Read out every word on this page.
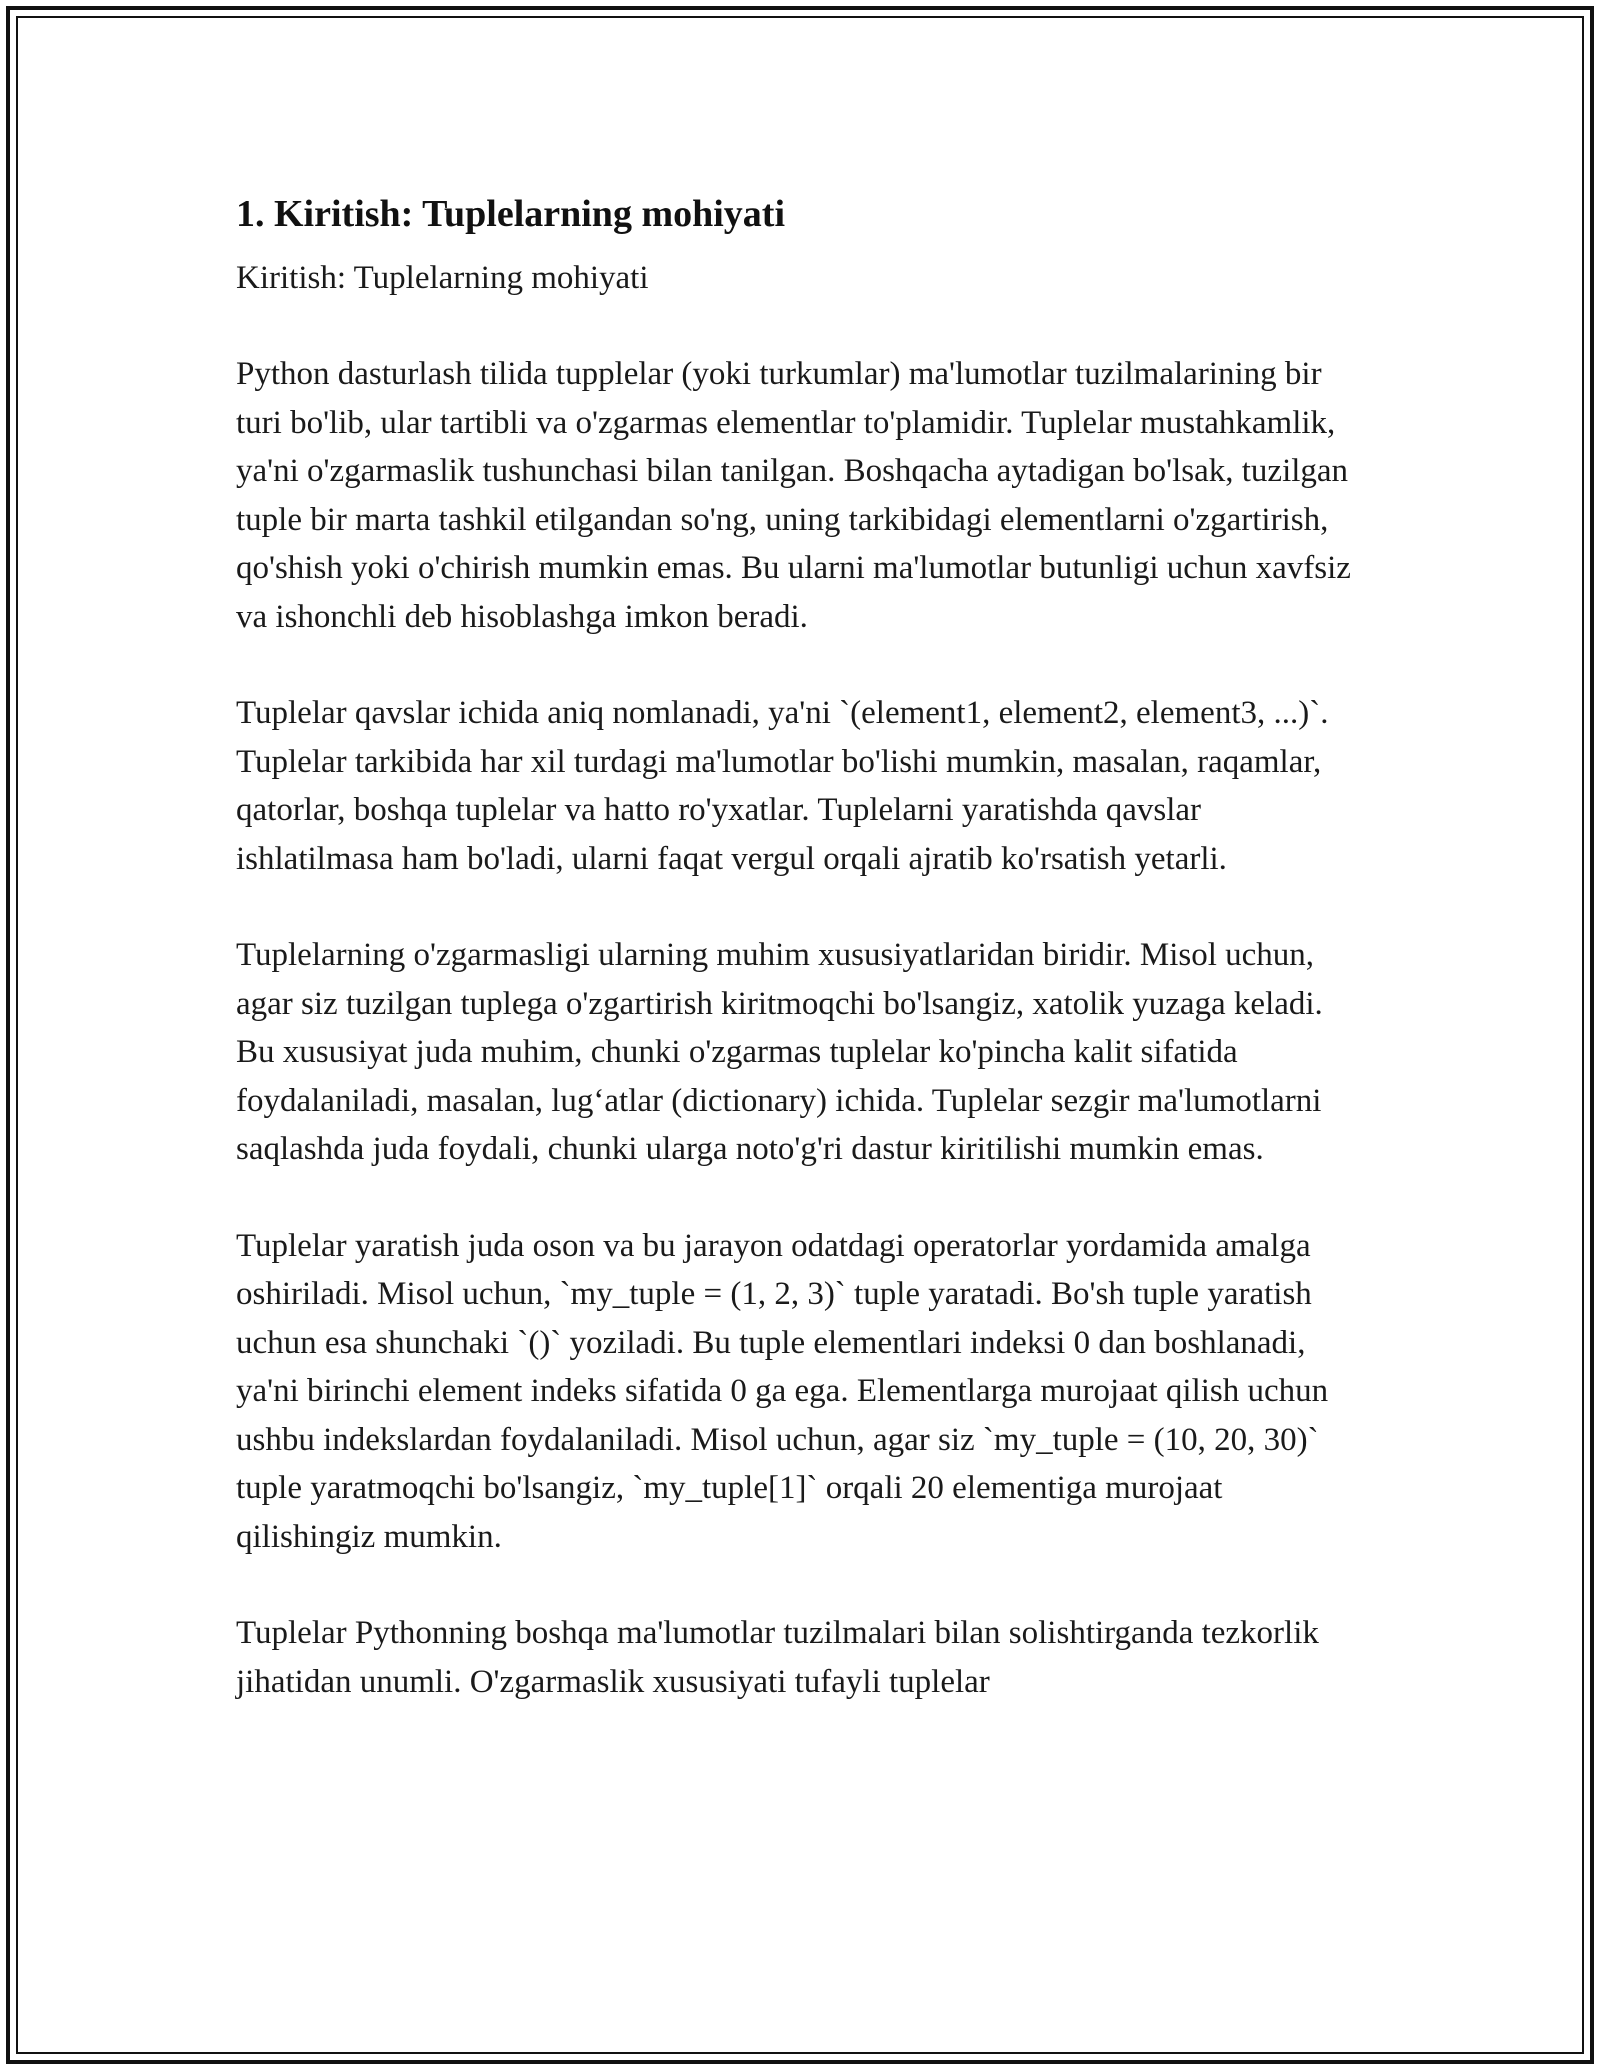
1. Kiritish: Tuplelarning mohiyati

Kiritish: Tuplelarning mohiyati

Python dasturlash tilida tupplelar (yoki turkumlar) ma'lumotlar tuzilmalarining bir turi bo'lib, ular tartibli va o'zgarmas elementlar to'plamidir. Tuplelar mustahkamlik, ya'ni o'zgarmaslik tushunchasi bilan tanilgan. Boshqacha aytadigan bo'lsak, tuzilgan tuple bir marta tashkil etilgandan so'ng, uning tarkibidagi elementlarni o'zgartirish, qo'shish yoki o'chirish mumkin emas. Bu ularni ma'lumotlar butunligi uchun xavfsiz va ishonchli deb hisoblashga imkon beradi.

Tuplelar qavslar ichida aniq nomlanadi, ya'ni `(element1, element2, element3, ...)`. Tuplelar tarkibida har xil turdagi ma'lumotlar bo'lishi mumkin, masalan, raqamlar, qatorlar, boshqa tuplelar va hatto ro'yxatlar. Tuplelarni yaratishda qavslar ishlatilmasa ham bo'ladi, ularni faqat vergul orqali ajratib ko'rsatish yetarli.

Tuplelarning o'zgarmasligi ularning muhim xususiyatlaridan biridir. Misol uchun, agar siz tuzilgan tuplega o'zgartirish kiritmoqchi bo'lsangiz, xatolik yuzaga keladi. Bu xususiyat juda muhim, chunki o'zgarmas tuplelar ko'pincha kalit sifatida foydalaniladi, masalan, lug‘atlar (dictionary) ichida. Tuplelar sezgir ma'lumotlarni saqlashda juda foydali, chunki ularga noto'g'ri dastur kiritilishi mumkin emas.

Tuplelar yaratish juda oson va bu jarayon odatdagi operatorlar yordamida amalga oshiriladi. Misol uchun, `my_tuple = (1, 2, 3)` tuple yaratadi. Bo'sh tuple yaratish uchun esa shunchaki `()` yoziladi. Bu tuple elementlari indeksi 0 dan boshlanadi, ya'ni birinchi element indeks sifatida 0 ga ega. Elementlarga murojaat qilish uchun ushbu indekslardan foydalaniladi. Misol uchun, agar siz `my_tuple = (10, 20, 30)` tuple yaratmoqchi bo'lsangiz, `my_tuple[1]` orqali 20 elementiga murojaat qilishingiz mumkin.

Tuplelar Pythonning boshqa ma'lumotlar tuzilmalari bilan solishtirganda tezkorlik jihatidan unumli. O'zgarmaslik xususiyati tufayli tuplelar
